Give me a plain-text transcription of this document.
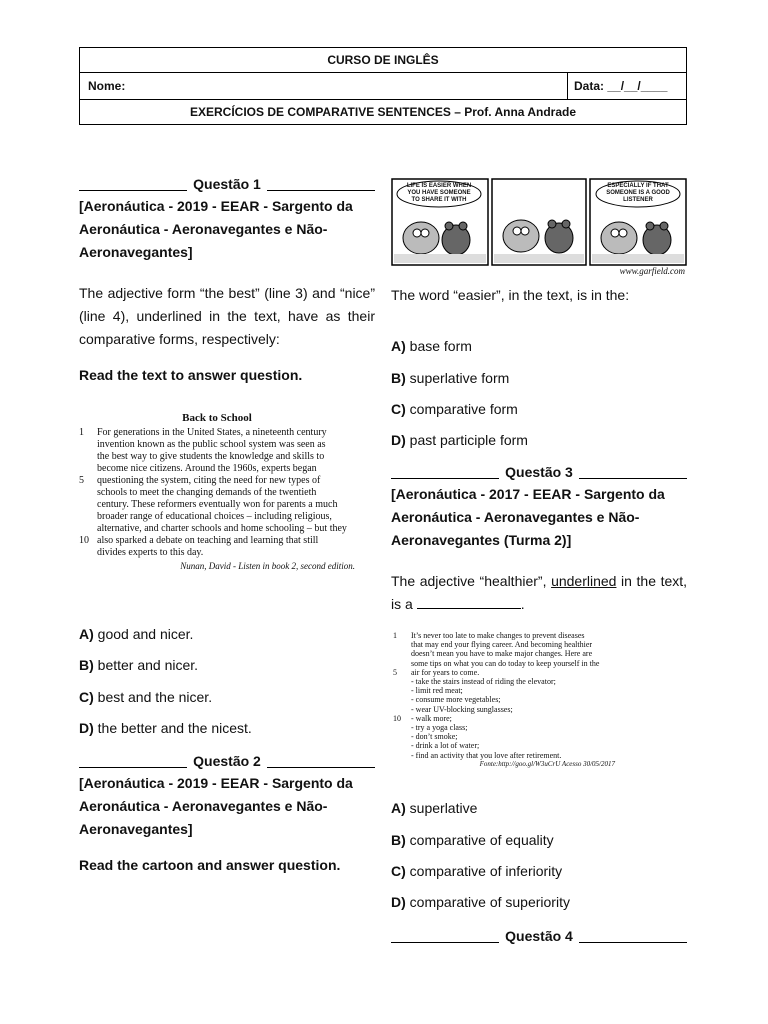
CURSO DE INGLÊS
Nome:	Data: __/__/____
EXERCÍCIOS DE COMPARATIVE SENTENCES – Prof. Anna Andrade
Questão 1
[Aeronáutica - 2019 - EEAR - Sargento da Aeronáutica - Aeronavegantes e Não-Aeronavegantes]
The adjective form “the best” (line 3) and “nice” (line 4), underlined in the text, have as their comparative forms, respectively:
Read the text to answer question.
Back to School
1	For generations in the United States, a nineteenth century
invention known as the public school system was seen as
the best way to give students the knowledge and skills to
become nice citizens. Around the 1960s, experts began
5	questioning the system, citing the need for new types of
schools to meet the changing demands of the twentieth
century. These reformers eventually won for parents a much
broader range of educational choices – including religious,
alternative, and charter schools and home schooling – but they
10 also sparked a debate on teaching and learning that still
divides experts to this day.
Nunan, David - Listen in book 2, second edition.
A) good and nicer.
B) better and nicer.
C) best and the nicer.
D) the better and the nicest.
Questão 2
[Aeronáutica - 2019 - EEAR - Sargento da Aeronáutica - Aeronavegantes e Não-Aeronavegantes]
Read the cartoon and answer question.
LIFE IS EASIER WHEN YOU HAVE SOMEONE TO SHARE IT WITH
ESPECIALLY IF THAT SOMEONE IS A GOOD LISTENER
www.garfield.com
The word “easier”, in the text, is in the:
A) base form
B) superlative form
C) comparative form
D) past participle form
Questão 3
[Aeronáutica - 2017 - EEAR - Sargento da Aeronáutica - Aeronavegantes e Não-Aeronavegantes (Turma 2)]
The adjective “healthier”, underlined in the text, is a	.
1	It’s never too late to make changes to prevent diseases
that may end your flying career. And becoming healthier
doesn’t mean you have to make major changes. Here are
some tips on what you can do today to keep yourself in the
5	air for years to come.
- take the stairs instead of riding the elevator;
- limit red meat;
- consume more vegetables;
- wear UV-blocking sunglasses;
10	- walk more;
- try a yoga class;
- don’t smoke;
- drink a lot of water;
- find an activity that you love after retirement.
Fonte:http://goo.gl/W3uCrU Acesso 30/05/2017
A) superlative
B) comparative of equality
C) comparative of inferiority
D) comparative of superiority
Questão 4
